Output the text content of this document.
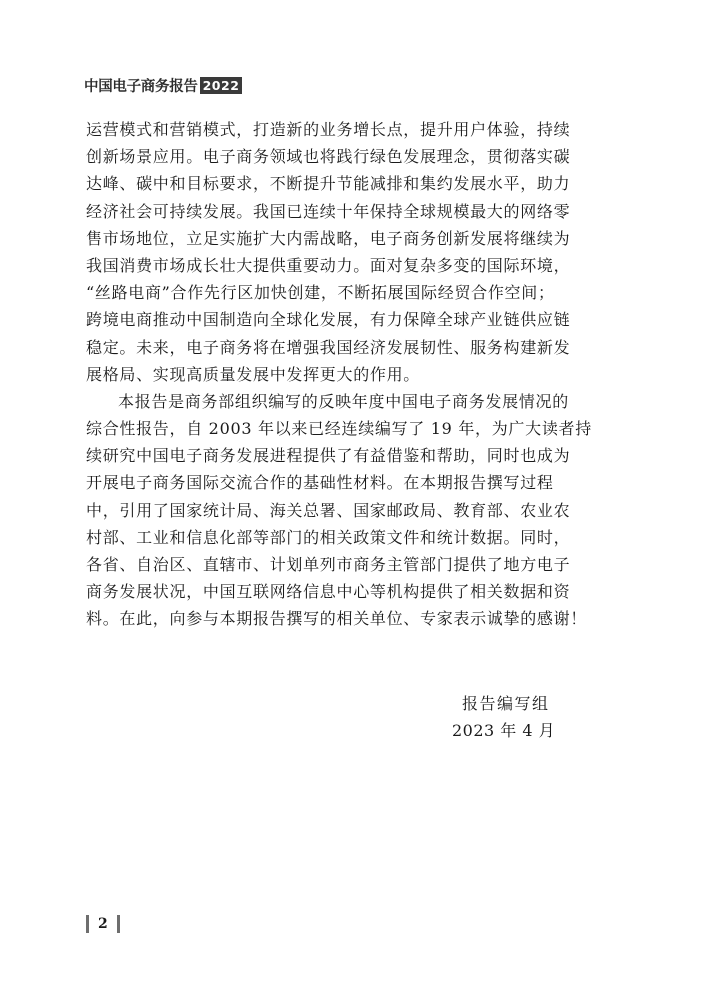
中国电子商务报告 2022
运营模式和营销模式，打造新的业务增长点，提升用户体验，持续
创新场景应用。电子商务领域也将践行绿色发展理念，贯彻落实碳
达峰、碳中和目标要求，不断提升节能减排和集约发展水平，助力
经济社会可持续发展。我国已连续十年保持全球规模最大的网络零
售市场地位，立足实施扩大内需战略，电子商务创新发展将继续为
我国消费市场成长壮大提供重要动力。面对复杂多变的国际环境，
“丝路电商”合作先行区加快创建，不断拓展国际经贸合作空间；
跨境电商推动中国制造向全球化发展，有力保障全球产业链供应链
稳定。未来，电子商务将在增强我国经济发展韧性、服务构建新发
展格局、实现高质量发展中发挥更大的作用。
本报告是商务部组织编写的反映年度中国电子商务发展情况的
综合性报告，自 2003 年以来已经连续编写了 19 年，为广大读者持
续研究中国电子商务发展进程提供了有益借鉴和帮助，同时也成为
开展电子商务国际交流合作的基础性材料。在本期报告撰写过程
中，引用了国家统计局、海关总署、国家邮政局、教育部、农业农
村部、工业和信息化部等部门的相关政策文件和统计数据。同时，
各省、自治区、直辖市、计划单列市商务主管部门提供了地方电子
商务发展状况，中国互联网络信息中心等机构提供了相关数据和资
料。在此，向参与本期报告撰写的相关单位、专家表示诚挚的感谢！
报告编写组
2023 年 4 月
2
